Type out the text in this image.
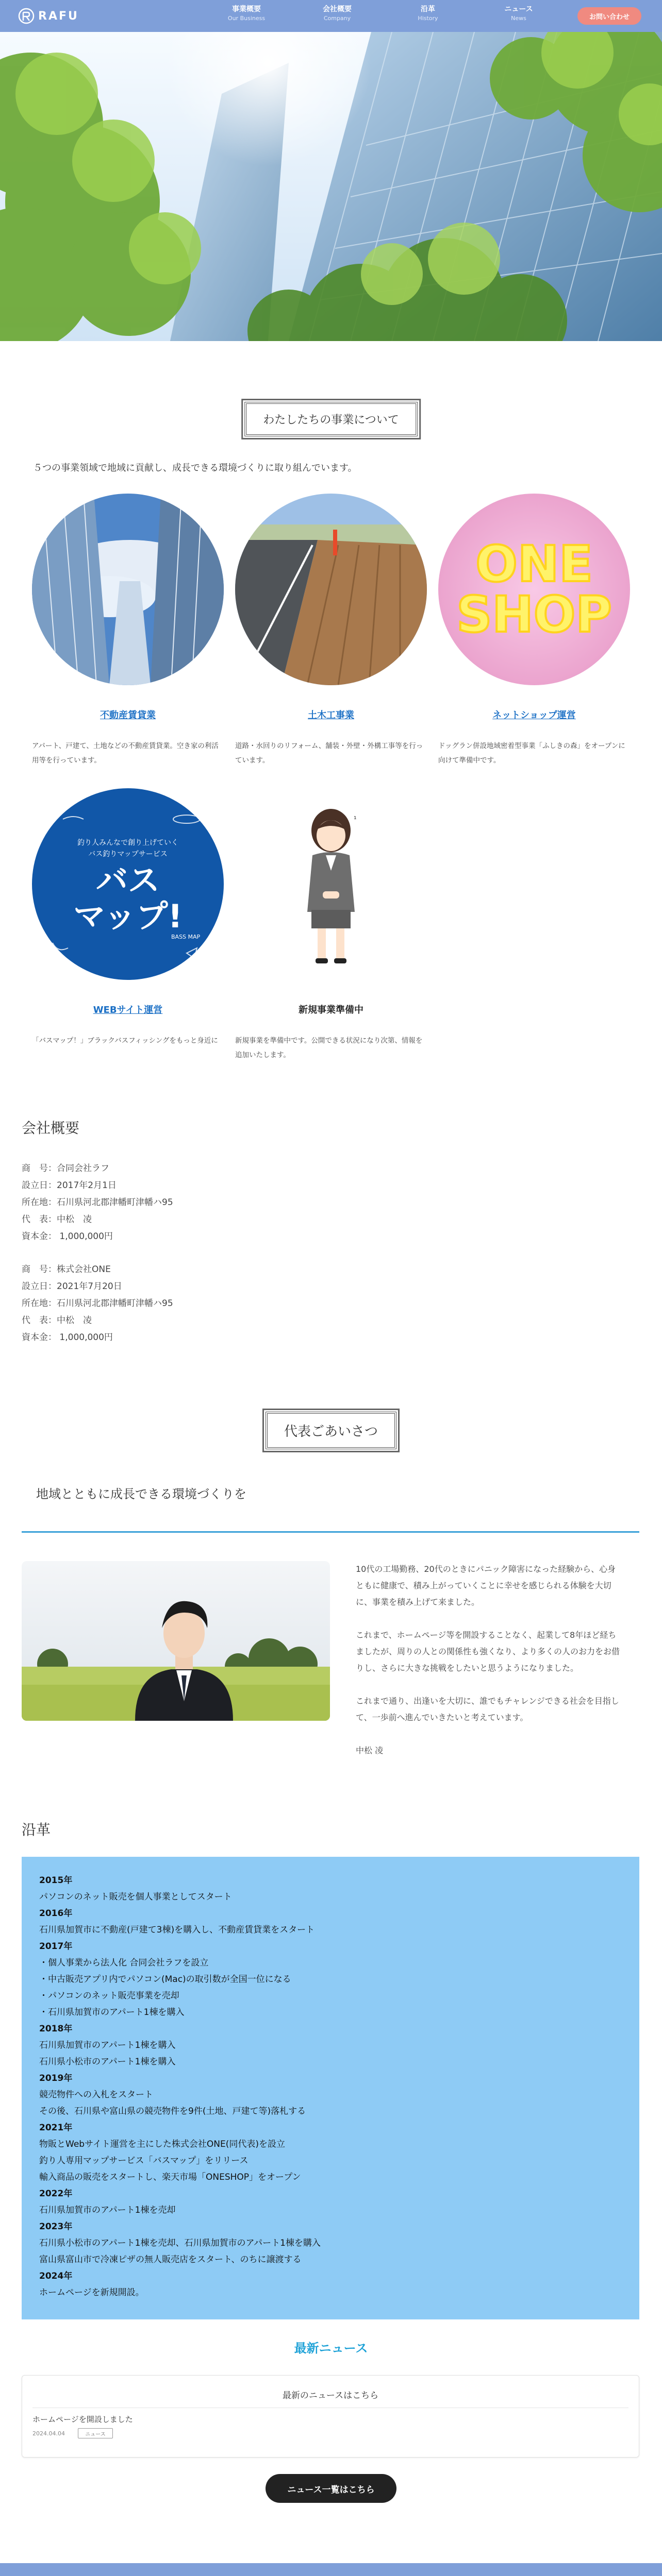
RAFU
事業概要
Our Business
会社概要
Company
沿革
History
ニュース
News	お問い合わせ
わたしたちの事業について
５つの事業領域で地域に貢献し、成長できる環境づくりに取り組んでいます。
不動産賃貸業

アパート、戸建て、土地などの不動産賃貸業。空き家の利活用等を行っています。

土木工事業

道路・水回りのリフォーム、舗装・外壁・外構工事等を行っています。

ONE
SHOP
ネットショップ運営

ドッグラン併設地域密着型事業「ふしきの森」をオープンに向けて準備中です。

釣り人みんなで創り上げていく
バス釣りマップサービス
バス
マップ!
BASS MAP
WEBサイト運営

「バスマップ！」ブラックバスフィッシングをもっと身近に

₁
新規事業準備中

新規事業を準備中です。公開できる状況になり次第、情報を追加いたします。

会社概要
商　号：合同会社ラフ
設立日：2017年2月1日
所在地：石川県河北郡津幡町津幡ハ95
代　表：中松　凌
資本金： 1,000,000円
商　号：株式会社ONE
設立日：2021年7月20日
所在地：石川県河北郡津幡町津幡ハ95
代　表：中松　凌
資本金： 1,000,000円
代表ごあいさつ
地域とともに成長できる環境づくりを

10代の工場勤務、20代のときにパニック障害になった経験から、心身ともに健康で、積み上がっていくことに幸せを感じられる体験を大切に、事業を積み上げて来ました。

これまで、ホームページ等を開設することなく、起業して8年ほど経ちましたが、周りの人との関係性も強くなり、より多くの人のお力をお借りし、さらに大きな挑戦をしたいと思うようになりました。

これまで通り、出逢いを大切に、誰でもチャレンジできる社会を目指して、一歩前へ進んでいきたいと考えています。

中松 凌

沿革
2015年
パソコンのネット販売を個人事業としてスタート
2016年
石川県加賀市に不動産(戸建て3棟)を購入し、不動産賃貸業をスタート
2017年
・個人事業から法人化 合同会社ラフを設立
・中古販売アプリ内でパソコン(Mac)の取引数が全国一位になる
・パソコンのネット販売事業を売却
・石川県加賀市のアパート1棟を購入
2018年
石川県加賀市のアパート1棟を購入
石川県小松市のアパート1棟を購入
2019年
競売物件への入札をスタート
その後、石川県や富山県の競売物件を9件(土地、戸建て等)落札する
2021年
物販とWebサイト運営を主にした株式会社ONE(同代表)を設立
釣り人専用マップサービス「バスマップ」をリリース
輸入商品の販売をスタートし、楽天市場「ONESHOP」をオープン
2022年
石川県加賀市のアパート1棟を売却
2023年
石川県小松市のアパート1棟を売却、石川県加賀市のアパート1棟を購入
富山県富山市で冷凍ピザの無人販売店をスタート、のちに譲渡する
2024年
ホームページを新規開設。
最新ニュース
最新のニュースはこちら
ホームページを開設しました
2024.04.04	ニュース
ニュース一覧はこちら
